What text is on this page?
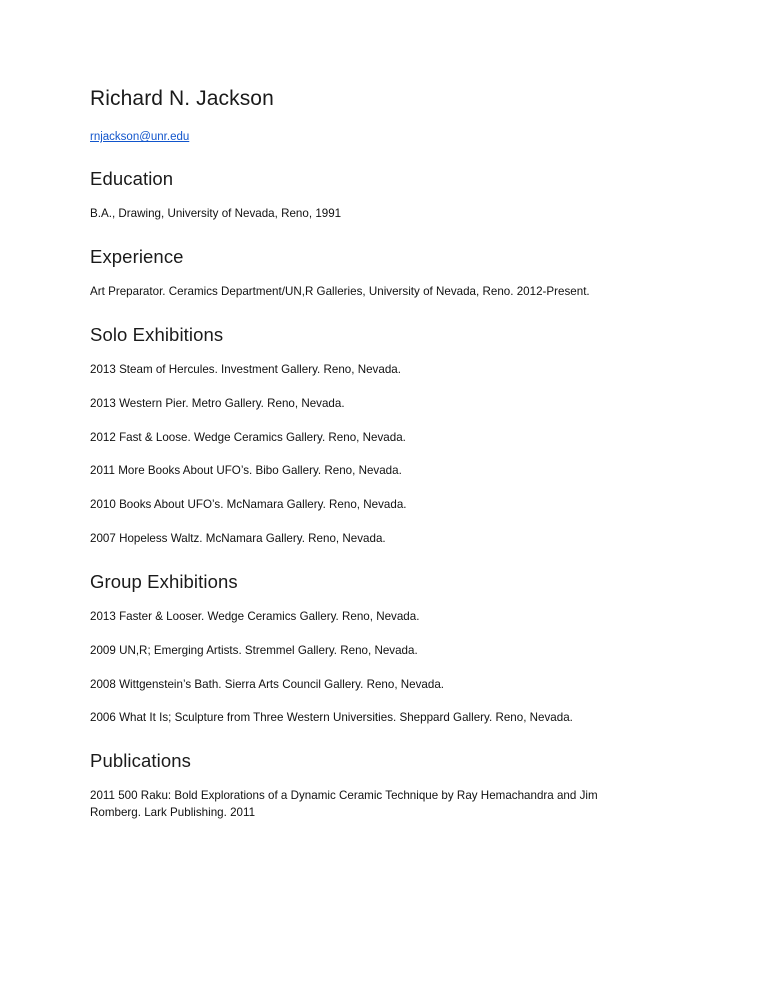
Richard N. Jackson

rnjackson@unr.edu

Education

B.A., Drawing, University of Nevada, Reno, 1991

Experience

Art Preparator. Ceramics Department/UN,R Galleries, University of Nevada, Reno. 2012-Present.

Solo Exhibitions

2013 Steam of Hercules. Investment Gallery. Reno, Nevada.

2013 Western Pier. Metro Gallery. Reno, Nevada.

2012 Fast & Loose. Wedge Ceramics Gallery. Reno, Nevada.

2011 More Books About UFO’s. Bibo Gallery. Reno, Nevada.

2010 Books About UFO’s. McNamara Gallery. Reno, Nevada.

2007 Hopeless Waltz. McNamara Gallery. Reno, Nevada.

Group Exhibitions

2013 Faster & Looser. Wedge Ceramics Gallery. Reno, Nevada.

2009 UN,R; Emerging Artists. Stremmel Gallery. Reno, Nevada.

2008 Wittgenstein’s Bath. Sierra Arts Council Gallery. Reno, Nevada.

2006 What It Is; Sculpture from Three Western Universities. Sheppard Gallery. Reno, Nevada.

Publications

2011 500 Raku: Bold Explorations of a Dynamic Ceramic Technique by Ray Hemachandra and Jim Romberg. Lark Publishing. 2011
